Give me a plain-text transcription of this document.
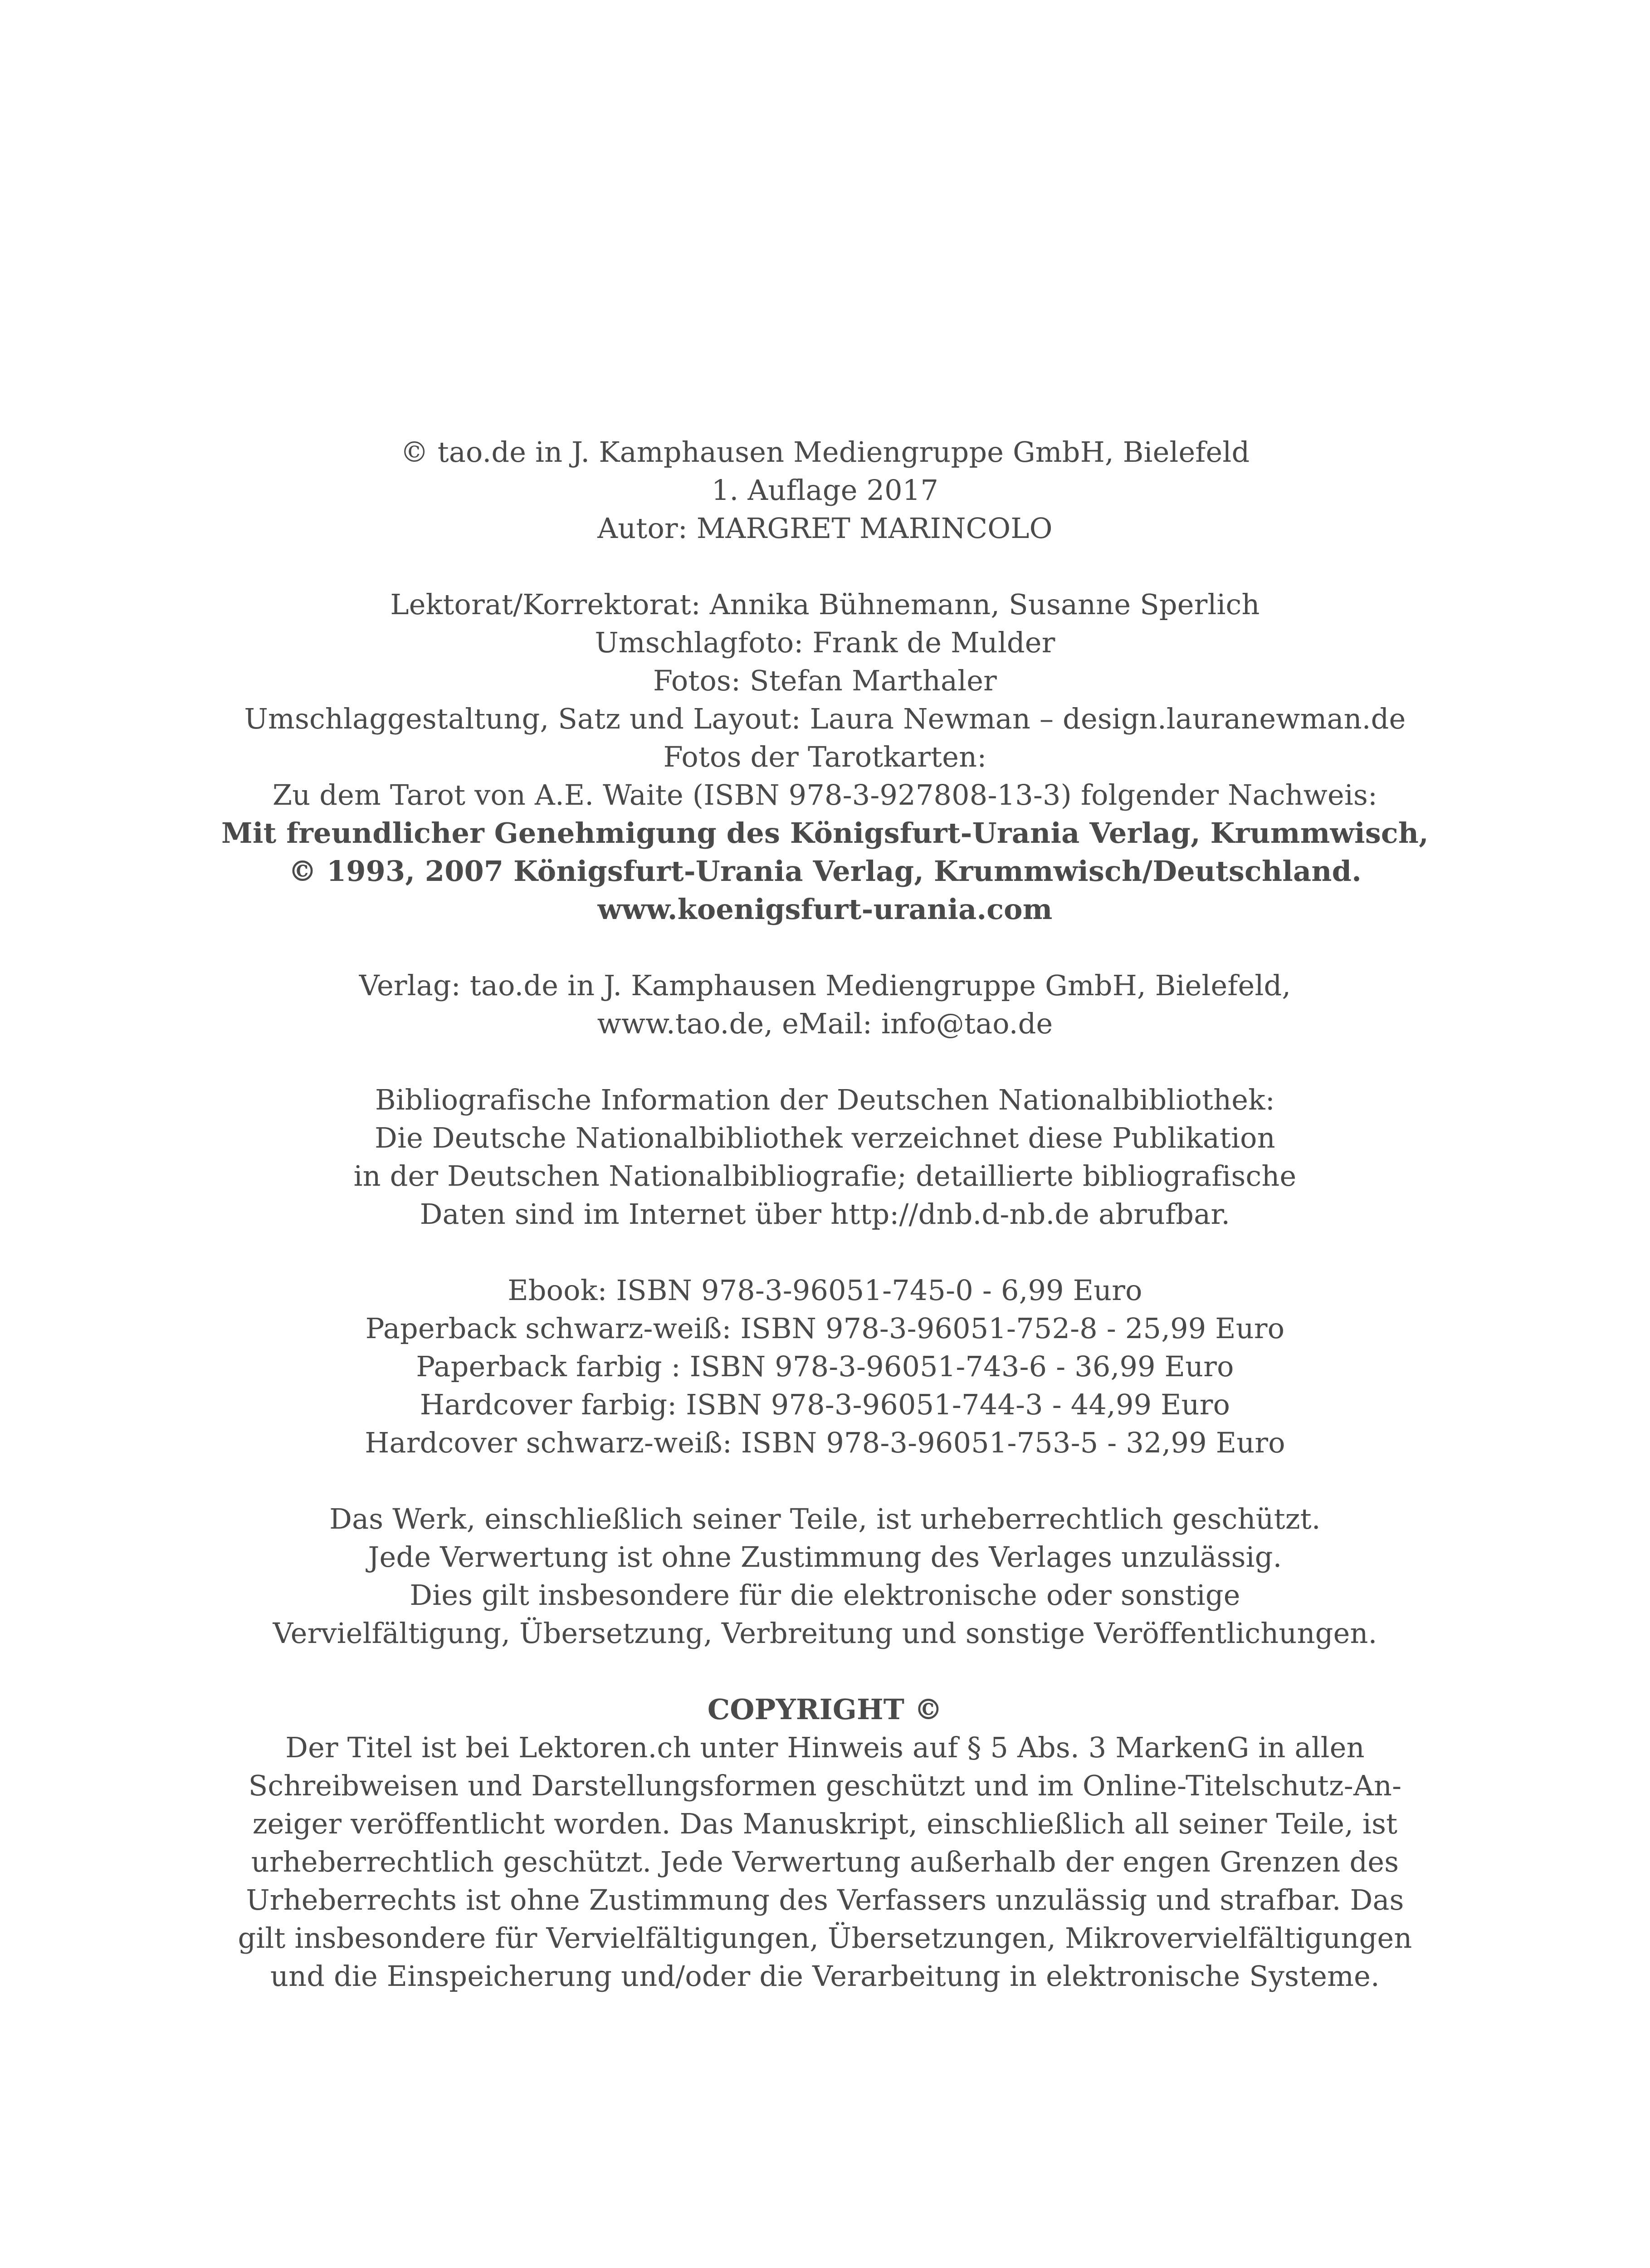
© tao.de in J. Kamphausen Mediengruppe GmbH, Bielefeld
1. Auflage 2017
Autor: MARGRET MARINCOLO
Lektorat/Korrektorat: Annika Bühnemann, Susanne Sperlich
Umschlagfoto: Frank de Mulder
Fotos: Stefan Marthaler
Umschlaggestaltung, Satz und Layout: Laura Newman – design.lauranewman.de
Fotos der Tarotkarten:
Zu dem Tarot von A.E. Waite (ISBN 978-3-927808-13-3) folgender Nachweis:
Mit freundlicher Genehmigung des Königsfurt-Urania Verlag, Krummwisch,
© 1993, 2007 Königsfurt-Urania Verlag, Krummwisch/Deutschland.
www.koenigsfurt-urania.com
Verlag: tao.de in J. Kamphausen Mediengruppe GmbH, Bielefeld,
www.tao.de, eMail: info@tao.de
Bibliografische Information der Deutschen Nationalbibliothek:
Die Deutsche Nationalbibliothek verzeichnet diese Publikation
in der Deutschen Nationalbibliografie; detaillierte bibliografische
Daten sind im Internet über http://dnb.d-nb.de abrufbar.
Ebook: ISBN 978-3-96051-745-0 - 6,99 Euro
Paperback schwarz-weiß: ISBN 978-3-96051-752-8 - 25,99 Euro
Paperback farbig : ISBN 978-3-96051-743-6 - 36,99 Euro
Hardcover farbig: ISBN 978-3-96051-744-3 - 44,99 Euro
Hardcover schwarz-weiß: ISBN 978-3-96051-753-5 - 32,99 Euro
Das Werk, einschließlich seiner Teile, ist urheberrechtlich geschützt.
Jede Verwertung ist ohne Zustimmung des Verlages unzulässig.
Dies gilt insbesondere für die elektronische oder sonstige
Vervielfältigung, Übersetzung, Verbreitung und sonstige Veröffentlichungen.
COPYRIGHT ©
Der Titel ist bei Lektoren.ch unter Hinweis auf § 5 Abs. 3 MarkenG in allen
Schreibweisen und Darstellungsformen geschützt und im Online-Titelschutz-An-
zeiger veröffentlicht worden. Das Manuskript, einschließlich all seiner Teile, ist
urheberrechtlich geschützt. Jede Verwertung außerhalb der engen Grenzen des
Urheberrechts ist ohne Zustimmung des Verfassers unzulässig und strafbar. Das
gilt insbesondere für Vervielfältigungen, Übersetzungen, Mikrovervielfältigungen
und die Einspeicherung und/oder die Verarbeitung in elektronische Systeme.
